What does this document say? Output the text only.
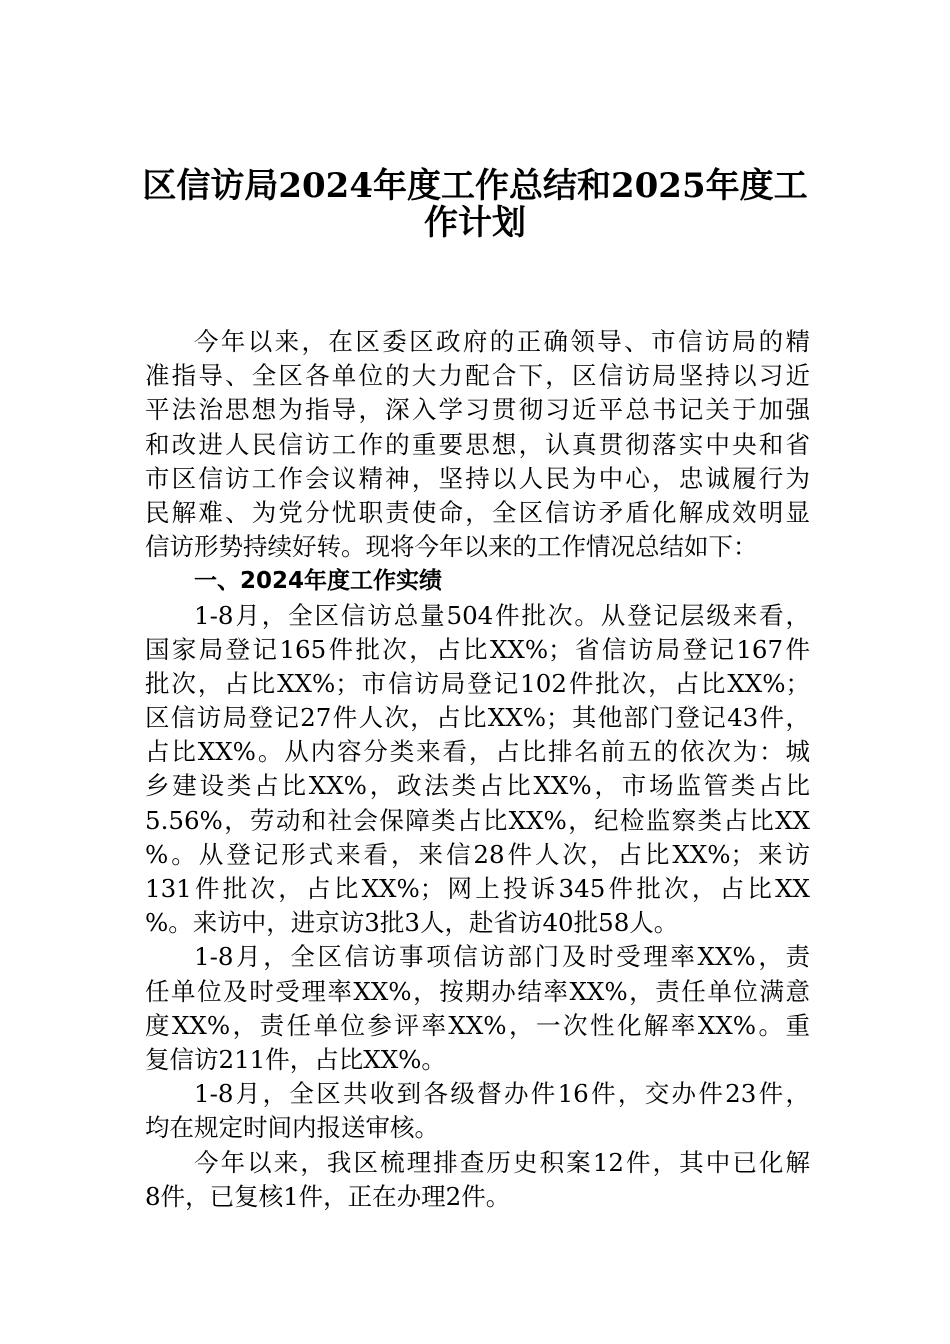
区信访局2024年度工作总结和2025年度工
作计划
今年以来，在区委区政府的正确领导、市信访局的精
准指导、全区各单位的大力配合下，区信访局坚持以习近
平法治思想为指导，深入学习贯彻习近平总书记关于加强
和改进人民信访工作的重要思想，认真贯彻落实中央和省
市区信访工作会议精神，坚持以人民为中心，忠诚履行为
民解难、为党分忧职责使命，全区信访矛盾化解成效明显
信访形势持续好转。现将今年以来的工作情况总结如下：
一、2024年度工作实绩
1-8月，全区信访总量504件批次。从登记层级来看，
国家局登记165件批次，占比XX%；省信访局登记167件
批次，占比XX%；市信访局登记102件批次，占比XX%；
区信访局登记27件人次，占比XX%；其他部门登记43件，
占比XX%。从内容分类来看，占比排名前五的依次为：城
乡建设类占比XX%，政法类占比XX%，市场监管类占比
5.56%，劳动和社会保障类占比XX%，纪检监察类占比XX
%。从登记形式来看，来信28件人次，占比XX%；来访
131件批次，占比XX%；网上投诉345件批次，占比XX
%。来访中，进京访3批3人，赴省访40批58人。
1-8月，全区信访事项信访部门及时受理率XX%，责
任单位及时受理率XX%，按期办结率XX%，责任单位满意
度XX%，责任单位参评率XX%，一次性化解率XX%。重
复信访211件，占比XX%。
1-8月，全区共收到各级督办件16件，交办件23件，
均在规定时间内报送审核。
今年以来，我区梳理排查历史积案12件，其中已化解
8件，已复核1件，正在办理2件。
